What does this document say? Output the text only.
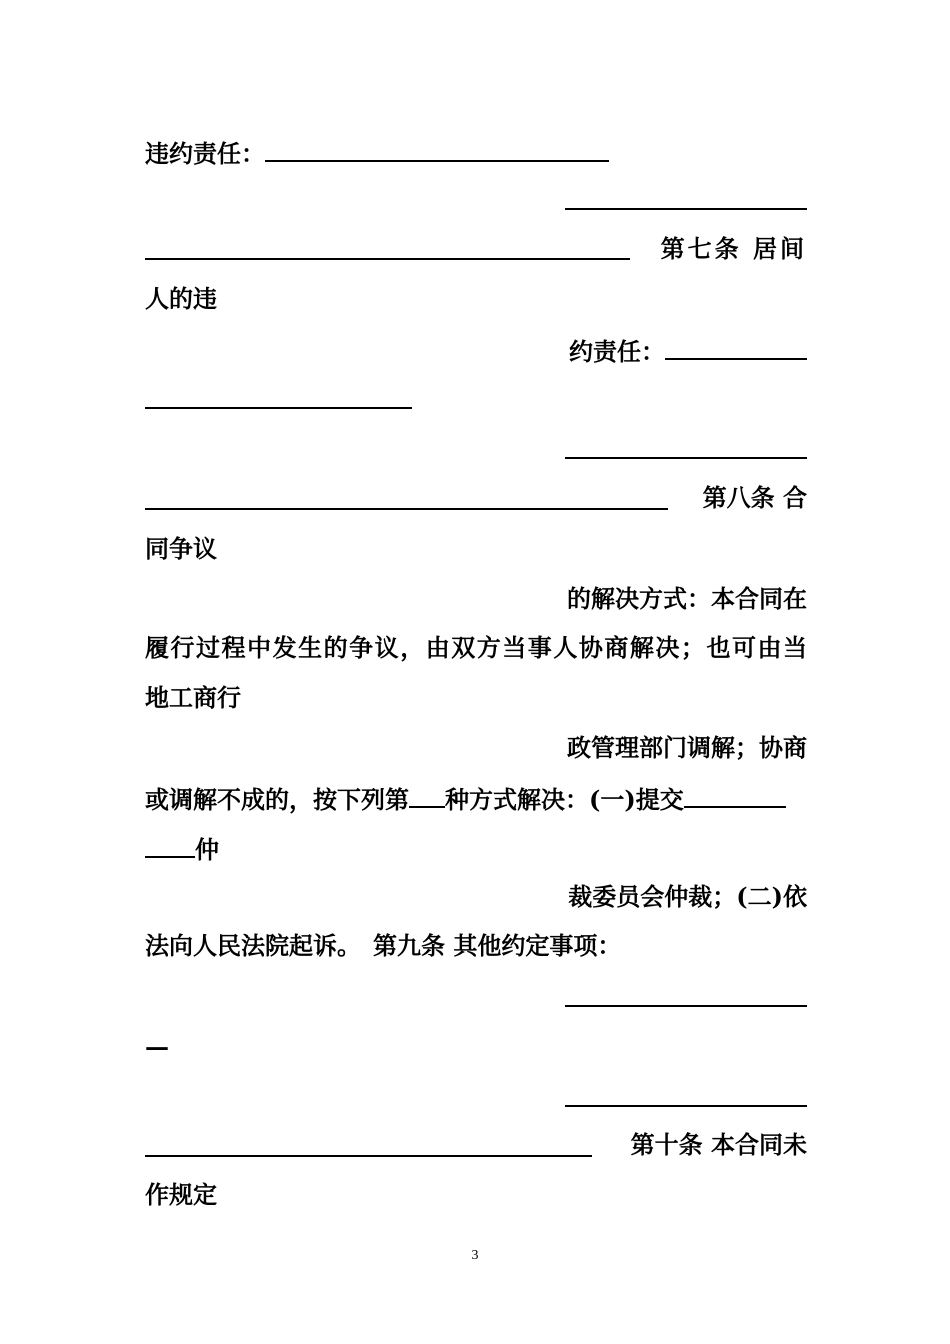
违约责任：
第七条 居间
人的违
约责任：
第八条 合
同争议
的解决方式：本合同在
履行过程中发生的争议，由双方当事人协商解决；也可由当
地工商行
政管理部门调解；协商
或调解不成的，按下列第 种方式解决：(一)提交
仲
裁委员会仲裁；(二)依
法向人民法院起诉。　第九条 其他约定事项：
—
第十条 本合同未
作规定
3
